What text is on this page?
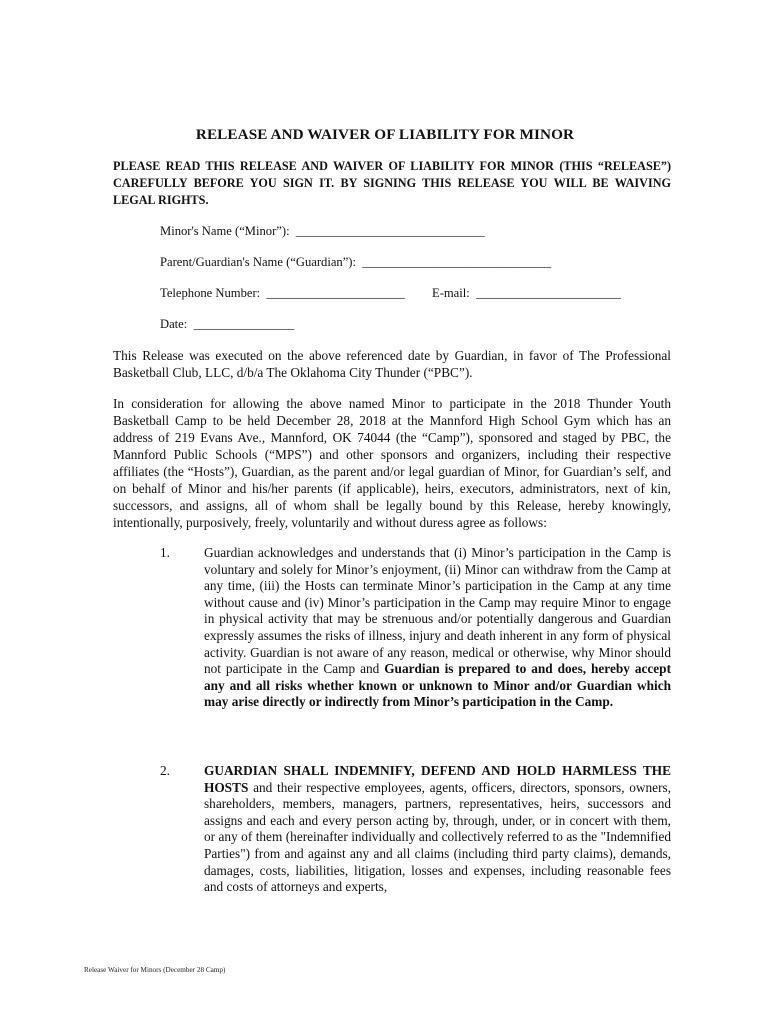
RELEASE AND WAIVER OF LIABILITY FOR MINOR
PLEASE READ THIS RELEASE AND WAIVER OF LIABILITY FOR MINOR (THIS “RELEASE”) CAREFULLY BEFORE YOU SIGN IT. BY SIGNING THIS RELEASE YOU WILL BE WAIVING LEGAL RIGHTS.
Minor's Name (“Minor”):  ______________________________
Parent/Guardian's Name (“Guardian”):  ______________________________
Telephone Number:  ______________________ E-mail:  _______________________
Date:  ________________
This Release was executed on the above referenced date by Guardian, in favor of The Professional Basketball Club, LLC, d/b/a The Oklahoma City Thunder (“PBC”).
In consideration for allowing the above named Minor to participate in the 2018 Thunder Youth Basketball Camp to be held December 28, 2018 at the Mannford High School Gym which has an address of 219 Evans Ave., Mannford, OK 74044 (the “Camp”), sponsored and staged by PBC, the Mannford Public Schools (“MPS”) and other sponsors and organizers, including their respective affiliates (the “Hosts”), Guardian, as the parent and/or legal guardian of Minor, for Guardian’s self, and on behalf of Minor and his/her parents (if applicable), heirs, executors, administrators, next of kin, successors, and assigns, all of whom shall be legally bound by this Release, hereby knowingly, intentionally, purposively, freely, voluntarily and without duress agree as follows:
1.	Guardian acknowledges and understands that (i) Minor’s participation in the Camp is voluntary and solely for Minor’s enjoyment, (ii) Minor can withdraw from the Camp at any time, (iii) the Hosts can terminate Minor’s participation in the Camp at any time without cause and (iv) Minor’s participation in the Camp may require Minor to engage in physical activity that may be strenuous and/or potentially dangerous and Guardian expressly assumes the risks of illness, injury and death inherent in any form of physical activity. Guardian is not aware of any reason, medical or otherwise, why Minor should not participate in the Camp and Guardian is prepared to and does, hereby accept any and all risks whether known or unknown to Minor and/or Guardian which may arise directly or indirectly from Minor’s participation in the Camp.
2.	GUARDIAN SHALL INDEMNIFY, DEFEND AND HOLD HARMLESS THE HOSTS and their respective employees, agents, officers, directors, sponsors, owners, shareholders, members, managers, partners, representatives, heirs, successors and assigns and each and every person acting by, through, under, or in concert with them, or any of them (hereinafter individually and collectively referred to as the "Indemnified Parties") from and against any and all claims (including third party claims), demands, damages, costs, liabilities, litigation, losses and expenses, including reasonable fees and costs of attorneys and experts,
Release Waiver for Minors (December 28 Camp)
